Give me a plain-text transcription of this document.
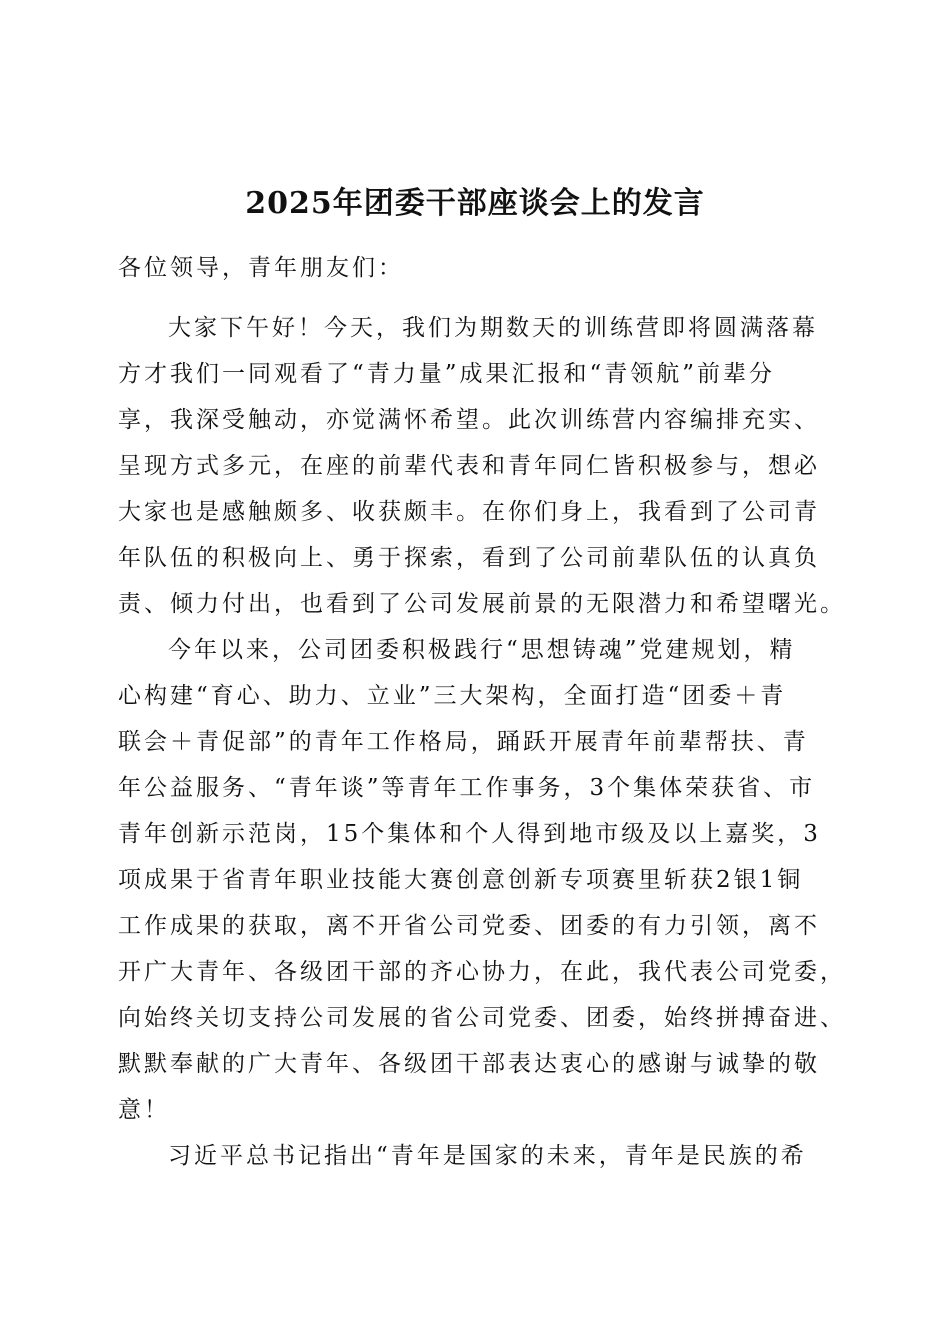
2025年团委干部座谈会上的发言
各位领导，青年朋友们：
大家下午好！今天，我们为期数天的训练营即将圆满落幕
方才我们一同观看了“青力量”成果汇报和“青领航”前辈分
享，我深受触动，亦觉满怀希望。此次训练营内容编排充实、
呈现方式多元，在座的前辈代表和青年同仁皆积极参与，想必
大家也是感触颇多、收获颇丰。在你们身上，我看到了公司青
年队伍的积极向上、勇于探索，看到了公司前辈队伍的认真负
责、倾力付出，也看到了公司发展前景的无限潜力和希望曙光。
今年以来，公司团委积极践行“思想铸魂”党建规划，精
心构建“育心、助力、立业”三大架构，全面打造“团委＋青
联会＋青促部”的青年工作格局，踊跃开展青年前辈帮扶、青
年公益服务、“青年谈”等青年工作事务，3个集体荣获省、市
青年创新示范岗，15个集体和个人得到地市级及以上嘉奖，3
项成果于省青年职业技能大赛创意创新专项赛里斩获2银1铜
工作成果的获取，离不开省公司党委、团委的有力引领，离不
开广大青年、各级团干部的齐心协力，在此，我代表公司党委，
向始终关切支持公司发展的省公司党委、团委，始终拼搏奋进、
默默奉献的广大青年、各级团干部表达衷心的感谢与诚挚的敬
意！
习近平总书记指出“青年是国家的未来，青年是民族的希
